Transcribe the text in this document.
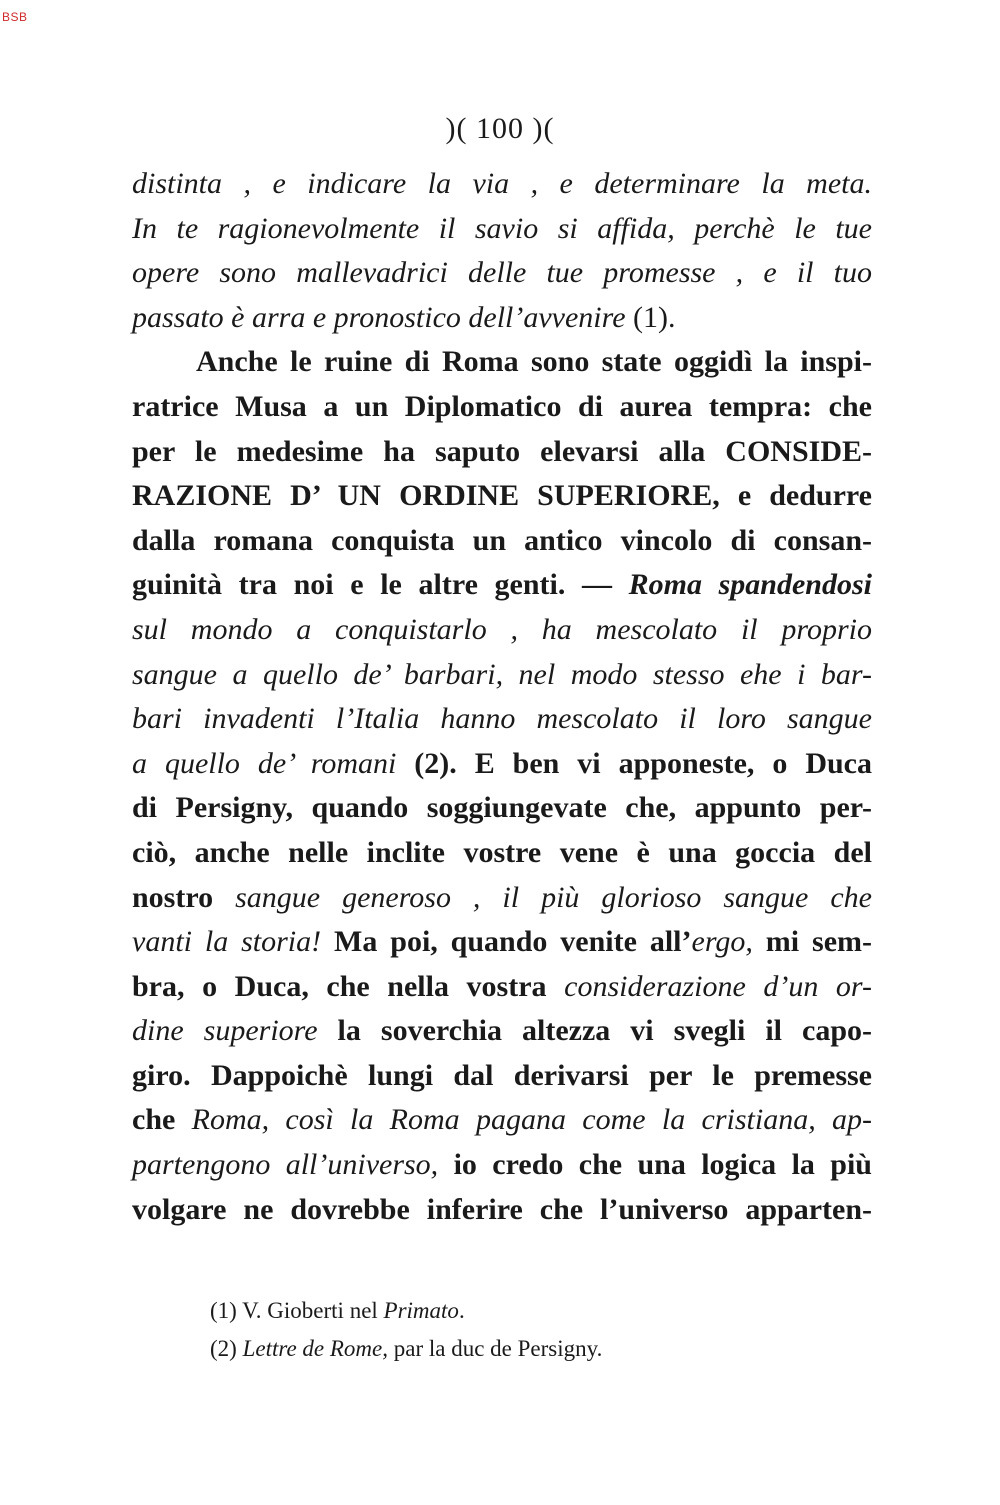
BSB
)( 100 )(
distinta , e indicare la via , e determinare la meta.
In te ragionevolmente il savio si affida, perchè le tue
opere sono mallevadrici delle tue promesse , e il tuo
passato è arra e pronostico dell’avvenire (1).
Anche le ruine di Roma sono state oggidì la inspi-
ratrice Musa a un Diplomatico di aurea tempra: che
per le medesime ha saputo elevarsi alla CONSIDE-
RAZIONE D’ UN ORDINE SUPERIORE, e dedurre
dalla romana conquista un antico vincolo di consan-
guinità tra noi e le altre genti. — Roma spandendosi
sul mondo a conquistarlo , ha mescolato il proprio
sangue a quello de’ barbari, nel modo stesso ehe i bar-
bari invadenti l’Italia hanno mescolato il loro sangue
a quello de’ romani (2). E ben vi apponeste, o Duca
di Persigny, quando soggiungevate che, appunto per-
ciò, anche nelle inclite vostre vene è una goccia del
nostro sangue generoso , il più glorioso sangue che
vanti la storia! Ma poi, quando venite all’ergo, mi sem-
bra, o Duca, che nella vostra considerazione d’un or-
dine superiore la soverchia altezza vi svegli il capo-
giro. Dappoichè lungi dal derivarsi per le premesse
che Roma, così la Roma pagana come la cristiana, ap-
partengono all’universo, io credo che una logica la più
volgare ne dovrebbe inferire che l’universo apparten-
(1) V. Gioberti nel Primato.
(2) Lettre de Rome, par la duc de Persigny.
